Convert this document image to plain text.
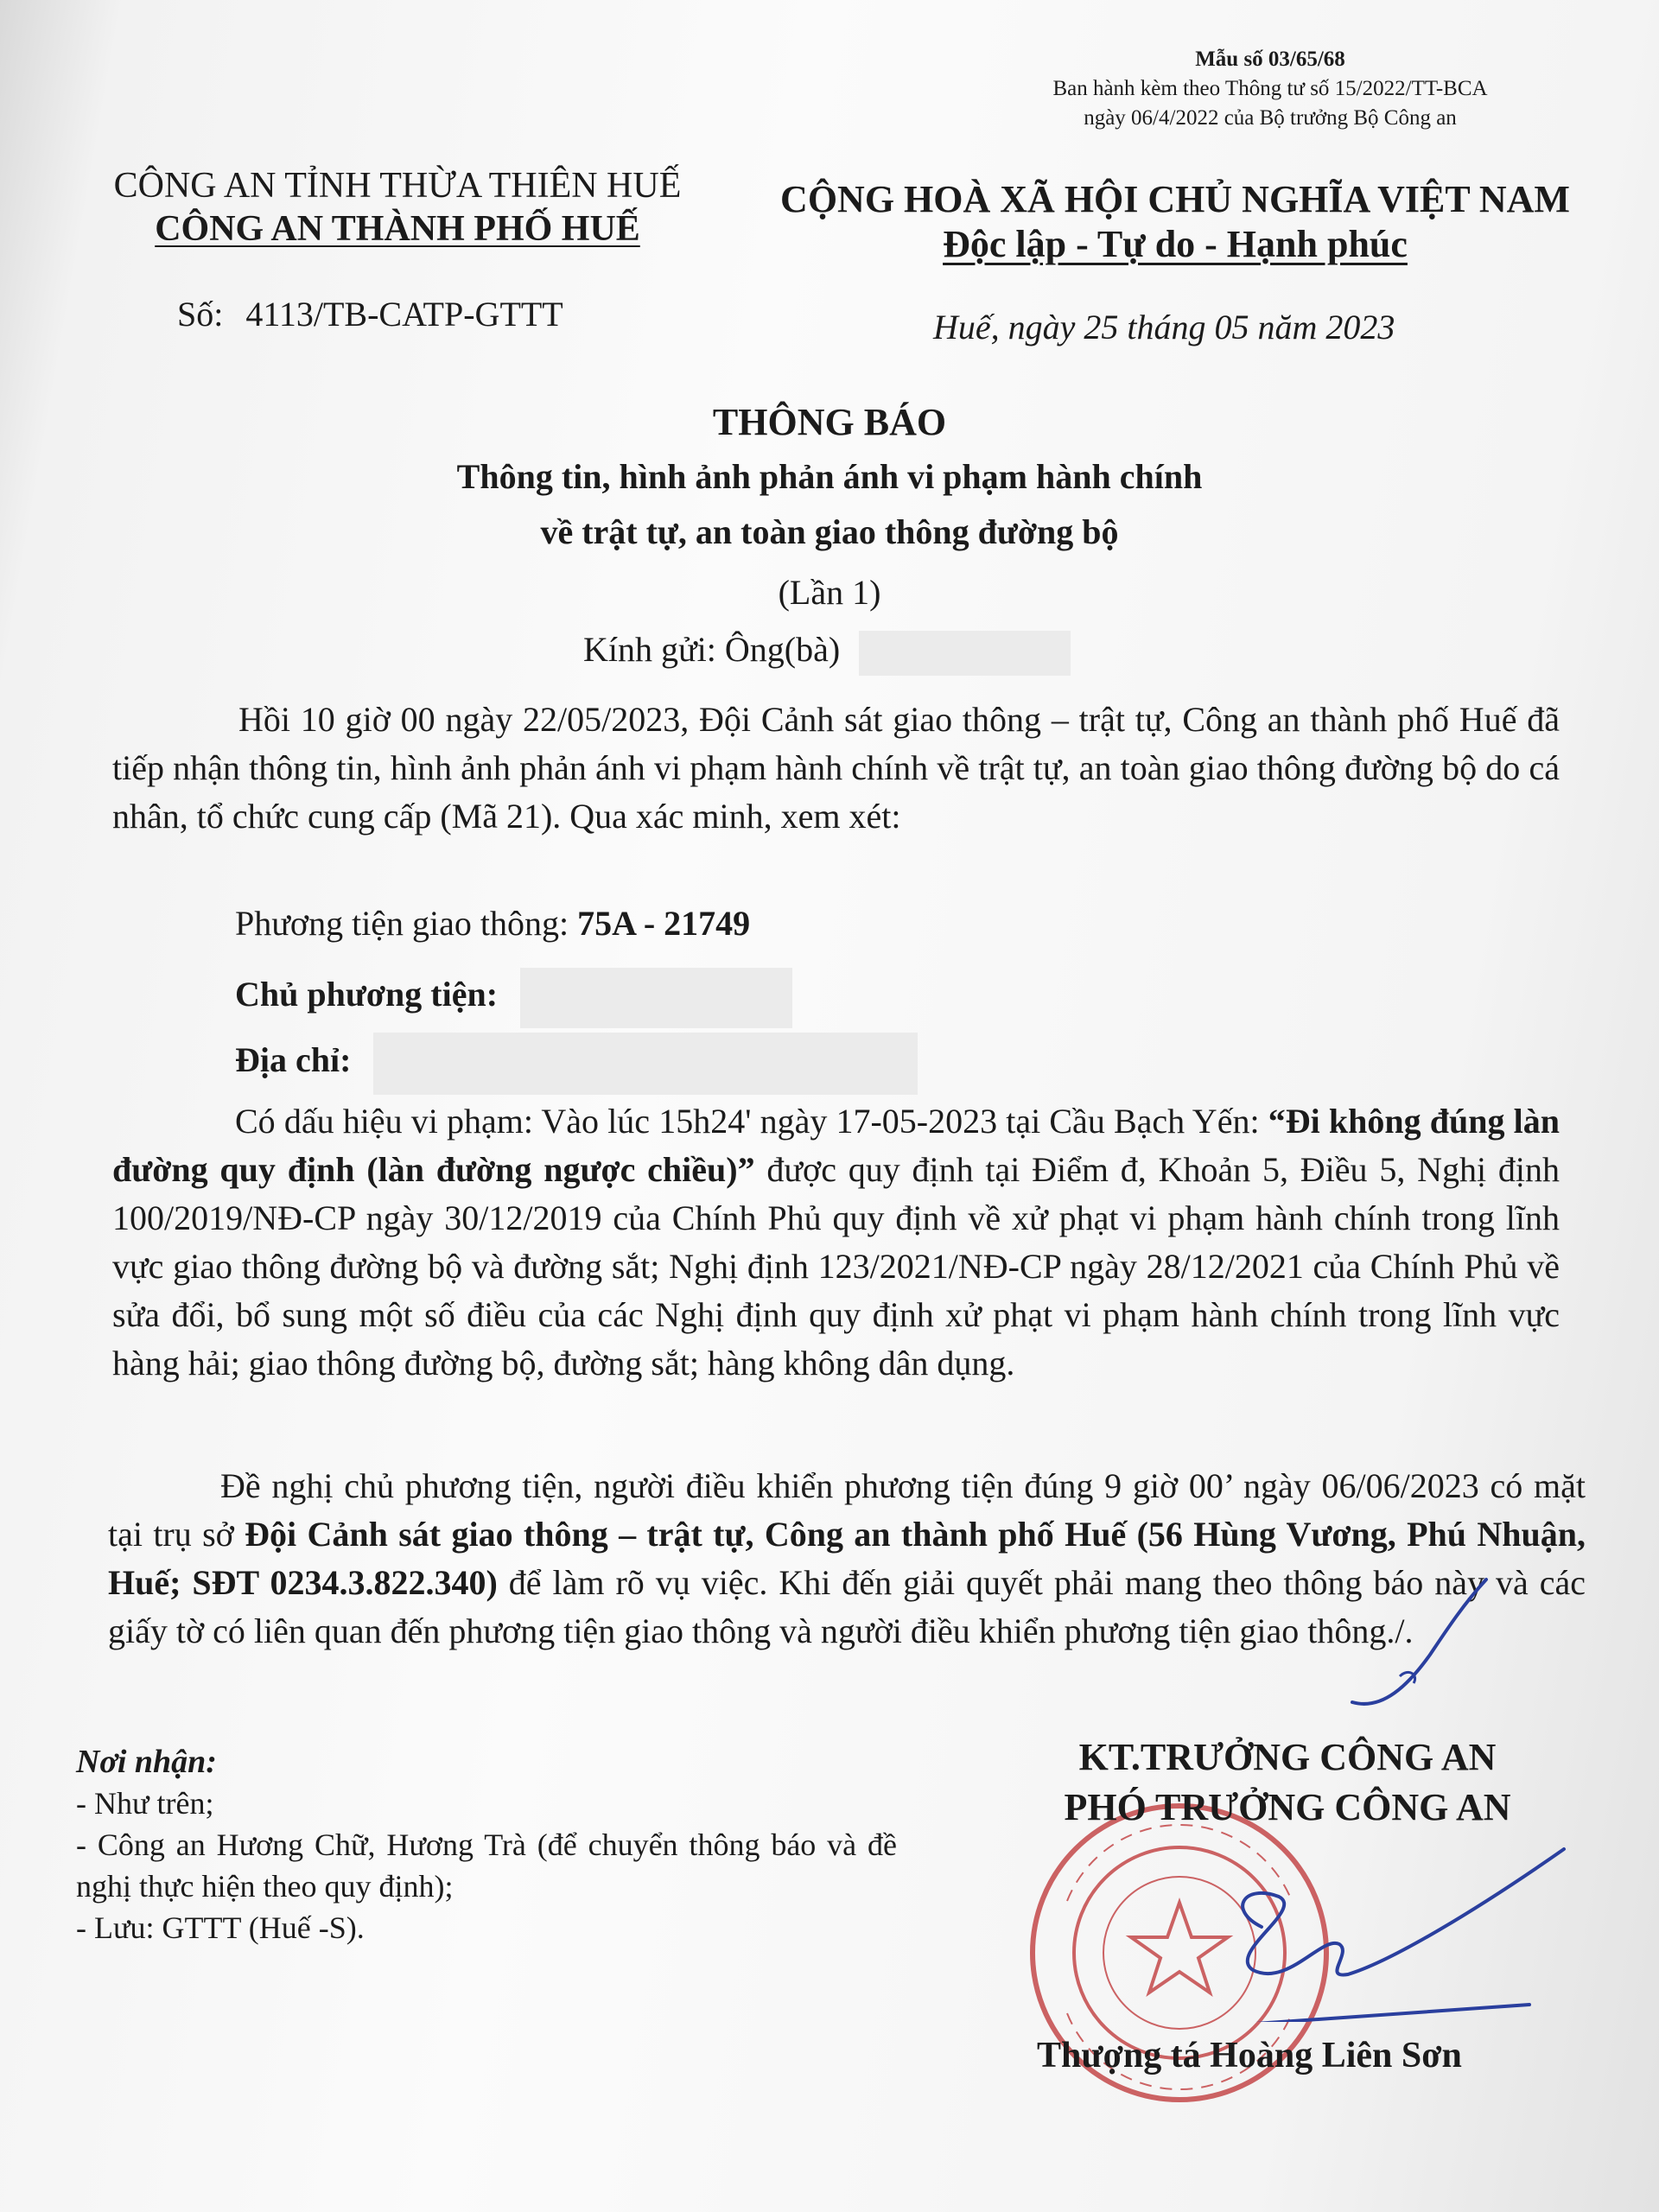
Mẫu số 03/65/68
Ban hành kèm theo Thông tư số 15/2022/TT-BCA
ngày 06/4/2022 của Bộ trưởng Bộ Công an
CÔNG AN TỈNH THỪA THIÊN HUẾ
CÔNG AN THÀNH PHỐ HUẾ
CỘNG HOÀ XÃ HỘI CHỦ NGHĨA VIỆT NAM
Độc lập - Tự do - Hạnh phúc
Số: 4113/TB-CATP-GTTT	Huế, ngày 25 tháng 05 năm 2023
THÔNG BÁO
Thông tin, hình ảnh phản ánh vi phạm hành chính
về trật tự, an toàn giao thông đường bộ
(Lần 1)
Kính gửi: Ông(bà)
Hồi 10 giờ 00 ngày 22/05/2023, Đội Cảnh sát giao thông – trật tự, Công an thành phố Huế đã tiếp nhận thông tin, hình ảnh phản ánh vi phạm hành chính về trật tự, an toàn giao thông đường bộ do cá nhân, tổ chức cung cấp (Mã 21). Qua xác minh, xem xét:
Phương tiện giao thông: 75A - 21749
Chủ phương tiện:
Địa chỉ:
Có dấu hiệu vi phạm: Vào lúc 15h24' ngày 17-05-2023 tại Cầu Bạch Yến: “Đi không đúng làn đường quy định (làn đường ngược chiều)” được quy định tại Điểm đ, Khoản 5, Điều 5, Nghị định 100/2019/NĐ-CP ngày 30/12/2019 của Chính Phủ quy định về xử phạt vi phạm hành chính trong lĩnh vực giao thông đường bộ và đường sắt; Nghị định 123/2021/NĐ-CP ngày 28/12/2021 của Chính Phủ về sửa đổi, bổ sung một số điều của các Nghị định quy định xử phạt vi phạm hành chính trong lĩnh vực hàng hải; giao thông đường bộ, đường sắt; hàng không dân dụng.
Đề nghị chủ phương tiện, người điều khiển phương tiện đúng 9 giờ 00’ ngày 06/06/2023 có mặt tại trụ sở Đội Cảnh sát giao thông – trật tự, Công an thành phố Huế (56 Hùng Vương, Phú Nhuận, Huế; SĐT 0234.3.822.340) để làm rõ vụ việc. Khi đến giải quyết phải mang theo thông báo này và các giấy tờ có liên quan đến phương tiện giao thông và người điều khiển phương tiện giao thông./.
Nơi nhận:
- Như trên;
- Công an Hương Chữ, Hương Trà (để chuyển thông báo và đề nghị thực hiện theo quy định);
- Lưu: GTTT (Huế -S).
KT.TRƯỞNG CÔNG AN
PHÓ TRƯỞNG CÔNG AN
Thượng tá Hoàng Liên Sơn
